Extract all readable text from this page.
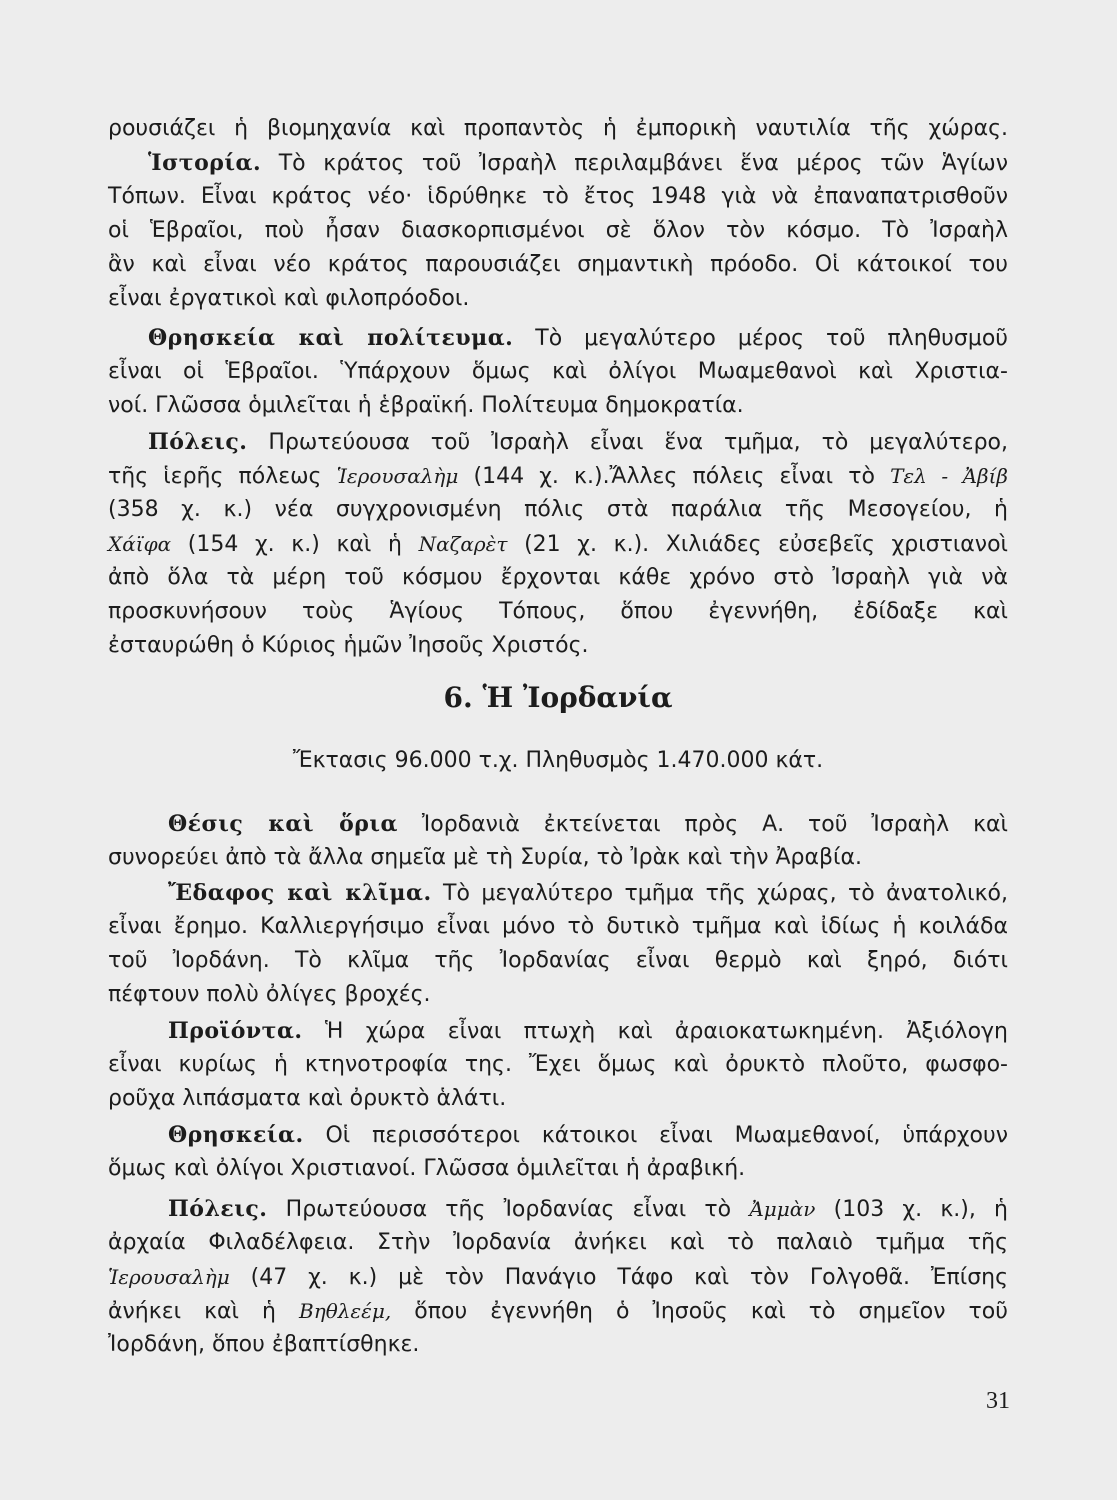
ρουσιάζει ἡ βιομηχανία καὶ προπαντὸς ἡ ἐμπορικὴ ναυτιλία τῆς χώρας.
Ἱστορία. Τὸ κράτος τοῦ Ἰσραὴλ περιλαμβάνει ἕνα μέρος τῶν Ἁγίων
Τόπων. Εἶναι κράτος νέο· ἱδρύθηκε τὸ ἔτος 1948 γιὰ νὰ ἐπαναπατρισθοῦν
οἱ Ἑβραῖοι, ποὺ ἦσαν διασκορπισμένοι σὲ ὅλον τὸν κόσμο. Τὸ Ἰσραὴλ
ἂν καὶ εἶναι νέο κράτος παρουσιάζει σημαντικὴ πρόοδο. Οἱ κάτοικοί του
εἶναι ἐργατικοὶ καὶ φιλοπρόοδοι.
Θρησκεία καὶ πολίτευμα. Τὸ μεγαλύτερο μέρος τοῦ πληθυσμοῦ
εἶναι οἱ Ἑβραῖοι. Ὑπάρχουν ὅμως καὶ ὀλίγοι Μωαμεθανοὶ καὶ Χριστια-
νοί. Γλῶσσα ὁμιλεῖται ἡ ἑβραϊκή. Πολίτευμα δημοκρατία.
Πόλεις. Πρωτεύουσα τοῦ Ἰσραὴλ εἶναι ἕνα τμῆμα, τὸ μεγαλύτερο,
τῆς ἱερῆς πόλεως Ἱερουσαλὴμ (144 χ. κ.).Ἄλλες πόλεις εἶναι τὸ Τελ - Ἀβίβ
(358 χ. κ.) νέα συγχρονισμένη πόλις στὰ παράλια τῆς Μεσογείου, ἡ
Χάϊφα (154 χ. κ.) καὶ ἡ Ναζαρὲτ (21 χ. κ.). Χιλιάδες εὐσεβεῖς χριστιανοὶ
ἀπὸ ὅλα τὰ μέρη τοῦ κόσμου ἔρχονται κάθε χρόνο στὸ Ἰσραὴλ γιὰ νὰ
προσκυνήσουν τοὺς Ἁγίους Τόπους, ὅπου ἐγεννήθη, ἐδίδαξε καὶ
ἐσταυρώθη ὁ Κύριος ἡμῶν Ἰησοῦς Χριστός.
6. Ἡ Ἰορδανία
Ἔκτασις 96.000 τ.χ. Πληθυσμὸς 1.470.000 κάτ.
Θέσις καὶ ὅρια Ἰορδανιὰ ἐκτείνεται πρὸς Α. τοῦ Ἰσραὴλ καὶ
συνορεύει ἀπὸ τὰ ἄλλα σημεῖα μὲ τὴ Συρία, τὸ Ἰρὰκ καὶ τὴν Ἀραβία.
Ἔδαφος καὶ κλῖμα. Τὸ μεγαλύτερο τμῆμα τῆς χώρας, τὸ ἀνατολικό,
εἶναι ἔρημο. Καλλιεργήσιμο εἶναι μόνο τὸ δυτικὸ τμῆμα καὶ ἰδίως ἡ κοιλάδα
τοῦ Ἰορδάνη. Τὸ κλῖμα τῆς Ἰορδανίας εἶναι θερμὸ καὶ ξηρό, διότι
πέφτουν πολὺ ὀλίγες βροχές.
Προϊόντα. Ἡ χώρα εἶναι πτωχὴ καὶ ἀραιοκατωκημένη. Ἀξιόλογη
εἶναι κυρίως ἡ κτηνοτροφία της. Ἔχει ὅμως καὶ ὀρυκτὸ πλοῦτο, φωσφο-
ροῦχα λιπάσματα καὶ ὀρυκτὸ ἁλάτι.
Θρησκεία. Οἱ περισσότεροι κάτοικοι εἶναι Μωαμεθανοί, ὑπάρχουν
ὅμως καὶ ὀλίγοι Χριστιανοί. Γλῶσσα ὁμιλεῖται ἡ ἀραβική.
Πόλεις. Πρωτεύουσα τῆς Ἰορδανίας εἶναι τὸ Ἀμμὰν (103 χ. κ.), ἡ
ἀρχαία Φιλαδέλφεια. Στὴν Ἰορδανία ἀνήκει καὶ τὸ παλαιὸ τμῆμα τῆς
Ἱερουσαλὴμ (47 χ. κ.) μὲ τὸν Πανάγιο Τάφο καὶ τὸν Γολγοθᾶ. Ἐπίσης
ἀνήκει καὶ ἡ Βηθλεέμ, ὅπου ἐγεννήθη ὁ Ἰησοῦς καὶ τὸ σημεῖον τοῦ
Ἰορδάνη, ὅπου ἐβαπτίσθηκε.
31
